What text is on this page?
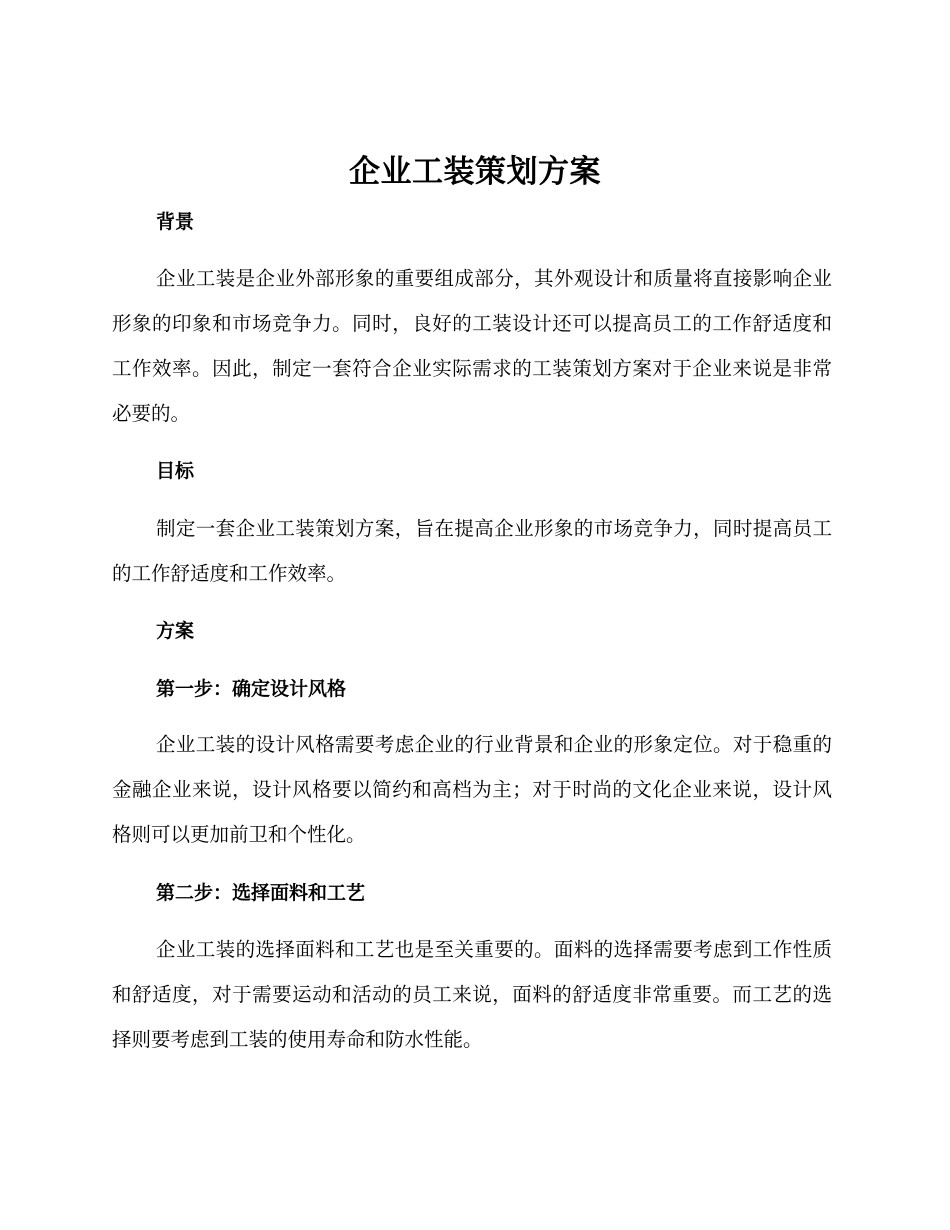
企业工装策划方案
背景
企业工装是企业外部形象的重要组成部分，其外观设计和质量将直接影响企业形象的印象和市场竞争力。同时，良好的工装设计还可以提高员工的工作舒适度和工作效率。因此，制定一套符合企业实际需求的工装策划方案对于企业来说是非常必要的。
目标
制定一套企业工装策划方案，旨在提高企业形象的市场竞争力，同时提高员工的工作舒适度和工作效率。
方案
第一步：确定设计风格
企业工装的设计风格需要考虑企业的行业背景和企业的形象定位。对于稳重的金融企业来说，设计风格要以简约和高档为主；对于时尚的文化企业来说，设计风格则可以更加前卫和个性化。
第二步：选择面料和工艺
企业工装的选择面料和工艺也是至关重要的。面料的选择需要考虑到工作性质和舒适度，对于需要运动和活动的员工来说，面料的舒适度非常重要。而工艺的选择则要考虑到工装的使用寿命和防水性能。
